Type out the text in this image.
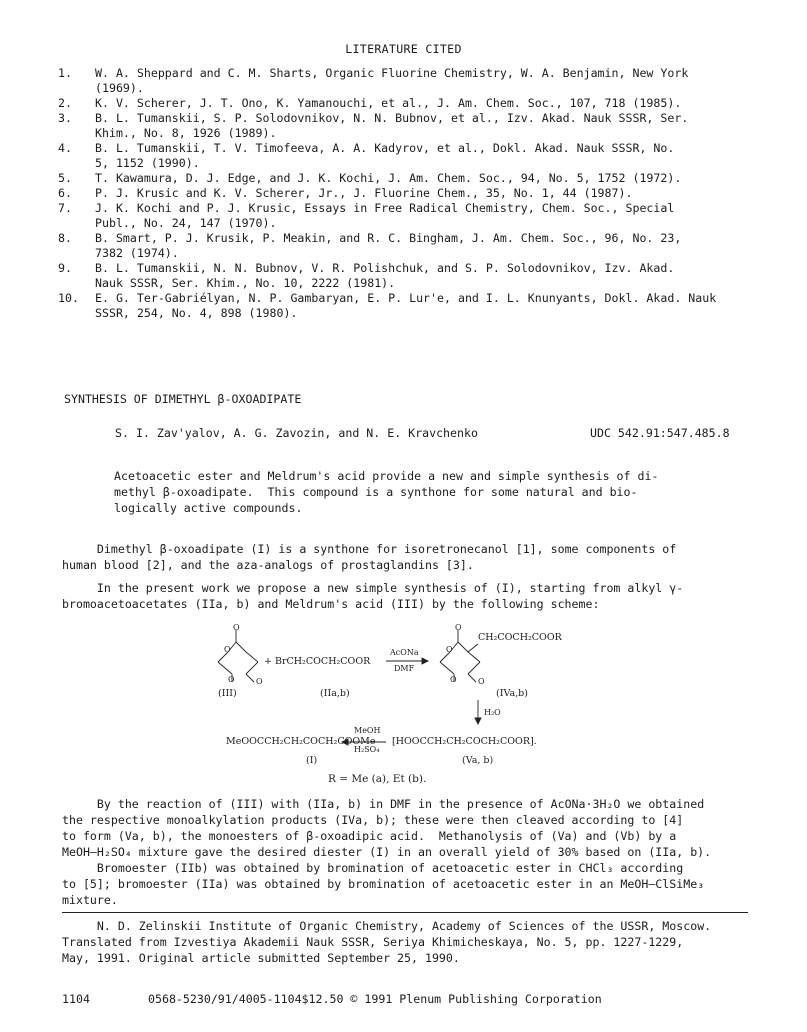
LITERATURE CITED
1.	W. A. Sheppard and C. M. Sharts, Organic Fluorine Chemistry, W. A. Benjamin, New York
(1969).
2.	K. V. Scherer, J. T. Ono, K. Yamanouchi, et al., J. Am. Chem. Soc., 107, 718 (1985).
3.	B. L. Tumanskii, S. P. Solodovnikov, N. N. Bubnov, et al., Izv. Akad. Nauk SSSR, Ser.
Khim., No. 8, 1926 (1989).
4.	B. L. Tumanskii, T. V. Timofeeva, A. A. Kadyrov, et al., Dokl. Akad. Nauk SSSR, No.
5, 1152 (1990).
5.	T. Kawamura, D. J. Edge, and J. K. Kochi, J. Am. Chem. Soc., 94, No. 5, 1752 (1972).
6.	P. J. Krusic and K. V. Scherer, Jr., J. Fluorine Chem., 35, No. 1, 44 (1987).
7.	J. K. Kochi and P. J. Krusic, Essays in Free Radical Chemistry, Chem. Soc., Special
Publ., No. 24, 147 (1970).
8.	B. Smart, P. J. Krusik, P. Meakin, and R. C. Bingham, J. Am. Chem. Soc., 96, No. 23,
7382 (1974).
9.	B. L. Tumanskii, N. N. Bubnov, V. R. Polishchuk, and S. P. Solodovnikov, Izv. Akad.
Nauk SSSR, Ser. Khim., No. 10, 2222 (1981).
10.	E. G. Ter-Gabriélyan, N. P. Gambaryan, E. P. Lur'e, and I. L. Knunyants, Dokl. Akad. Nauk
SSSR, 254, No. 4, 898 (1980).
SYNTHESIS OF DIMETHYL β-OXOADIPATE
S. I. Zav'yalov, A. G. Zavozin, and N. E. Kravchenko	UDC 542.91:547.485.8
Acetoacetic ester and Meldrum's acid provide a new and simple synthesis of di-
methyl β-oxoadipate.  This compound is a synthone for some natural and bio-
logically active compounds.
Dimethyl β-oxoadipate (I) is a synthone for isoretronecanol [1], some components of
human blood [2], and the aza-analogs of prostaglandins [3].
In the present work we propose a new simple synthesis of (I), starting from alkyl γ-
bromoacetoacetates (IIa, b) and Meldrum's acid (III) by the following scheme:
O	O
O
O	O
O
O	O
+ BrCH₂COCH₂COOR
AcONa
DMF
CH₂COCH₂COOR
(III)	(IIa,b)	(IVa,b)
H₂O
MeOOCCH₂CH₂COCH₂COOMe
MeOH
H₂SO₄
[HOOCCH₂CH₂COCH₂COOR].
(I)	(Va, b)
R = Me (a), Et (b).
By the reaction of (III) with (IIa, b) in DMF in the presence of AcONa·3H₂O we obtained
the respective monoalkylation products (IVa, b); these were then cleaved according to [4]
to form (Va, b), the monoesters of β-oxoadipic acid.  Methanolysis of (Va) and (Vb) by a
MeOH—H₂SO₄ mixture gave the desired diester (I) in an overall yield of 30% based on (IIa, b).
Bromoester (IIb) was obtained by bromination of acetoacetic ester in CHCl₃ according
to [5]; bromoester (IIa) was obtained by bromination of acetoacetic ester in an MeOH—ClSiMe₃
mixture.
N. D. Zelinskii Institute of Organic Chemistry, Academy of Sciences of the USSR, Moscow.
Translated from Izvestiya Akademii Nauk SSSR, Seriya Khimicheskaya, No. 5, pp. 1227-1229,
May, 1991. Original article submitted September 25, 1990.
1104	0568-5230/91/4005-1104$12.50 © 1991 Plenum Publishing Corporation
